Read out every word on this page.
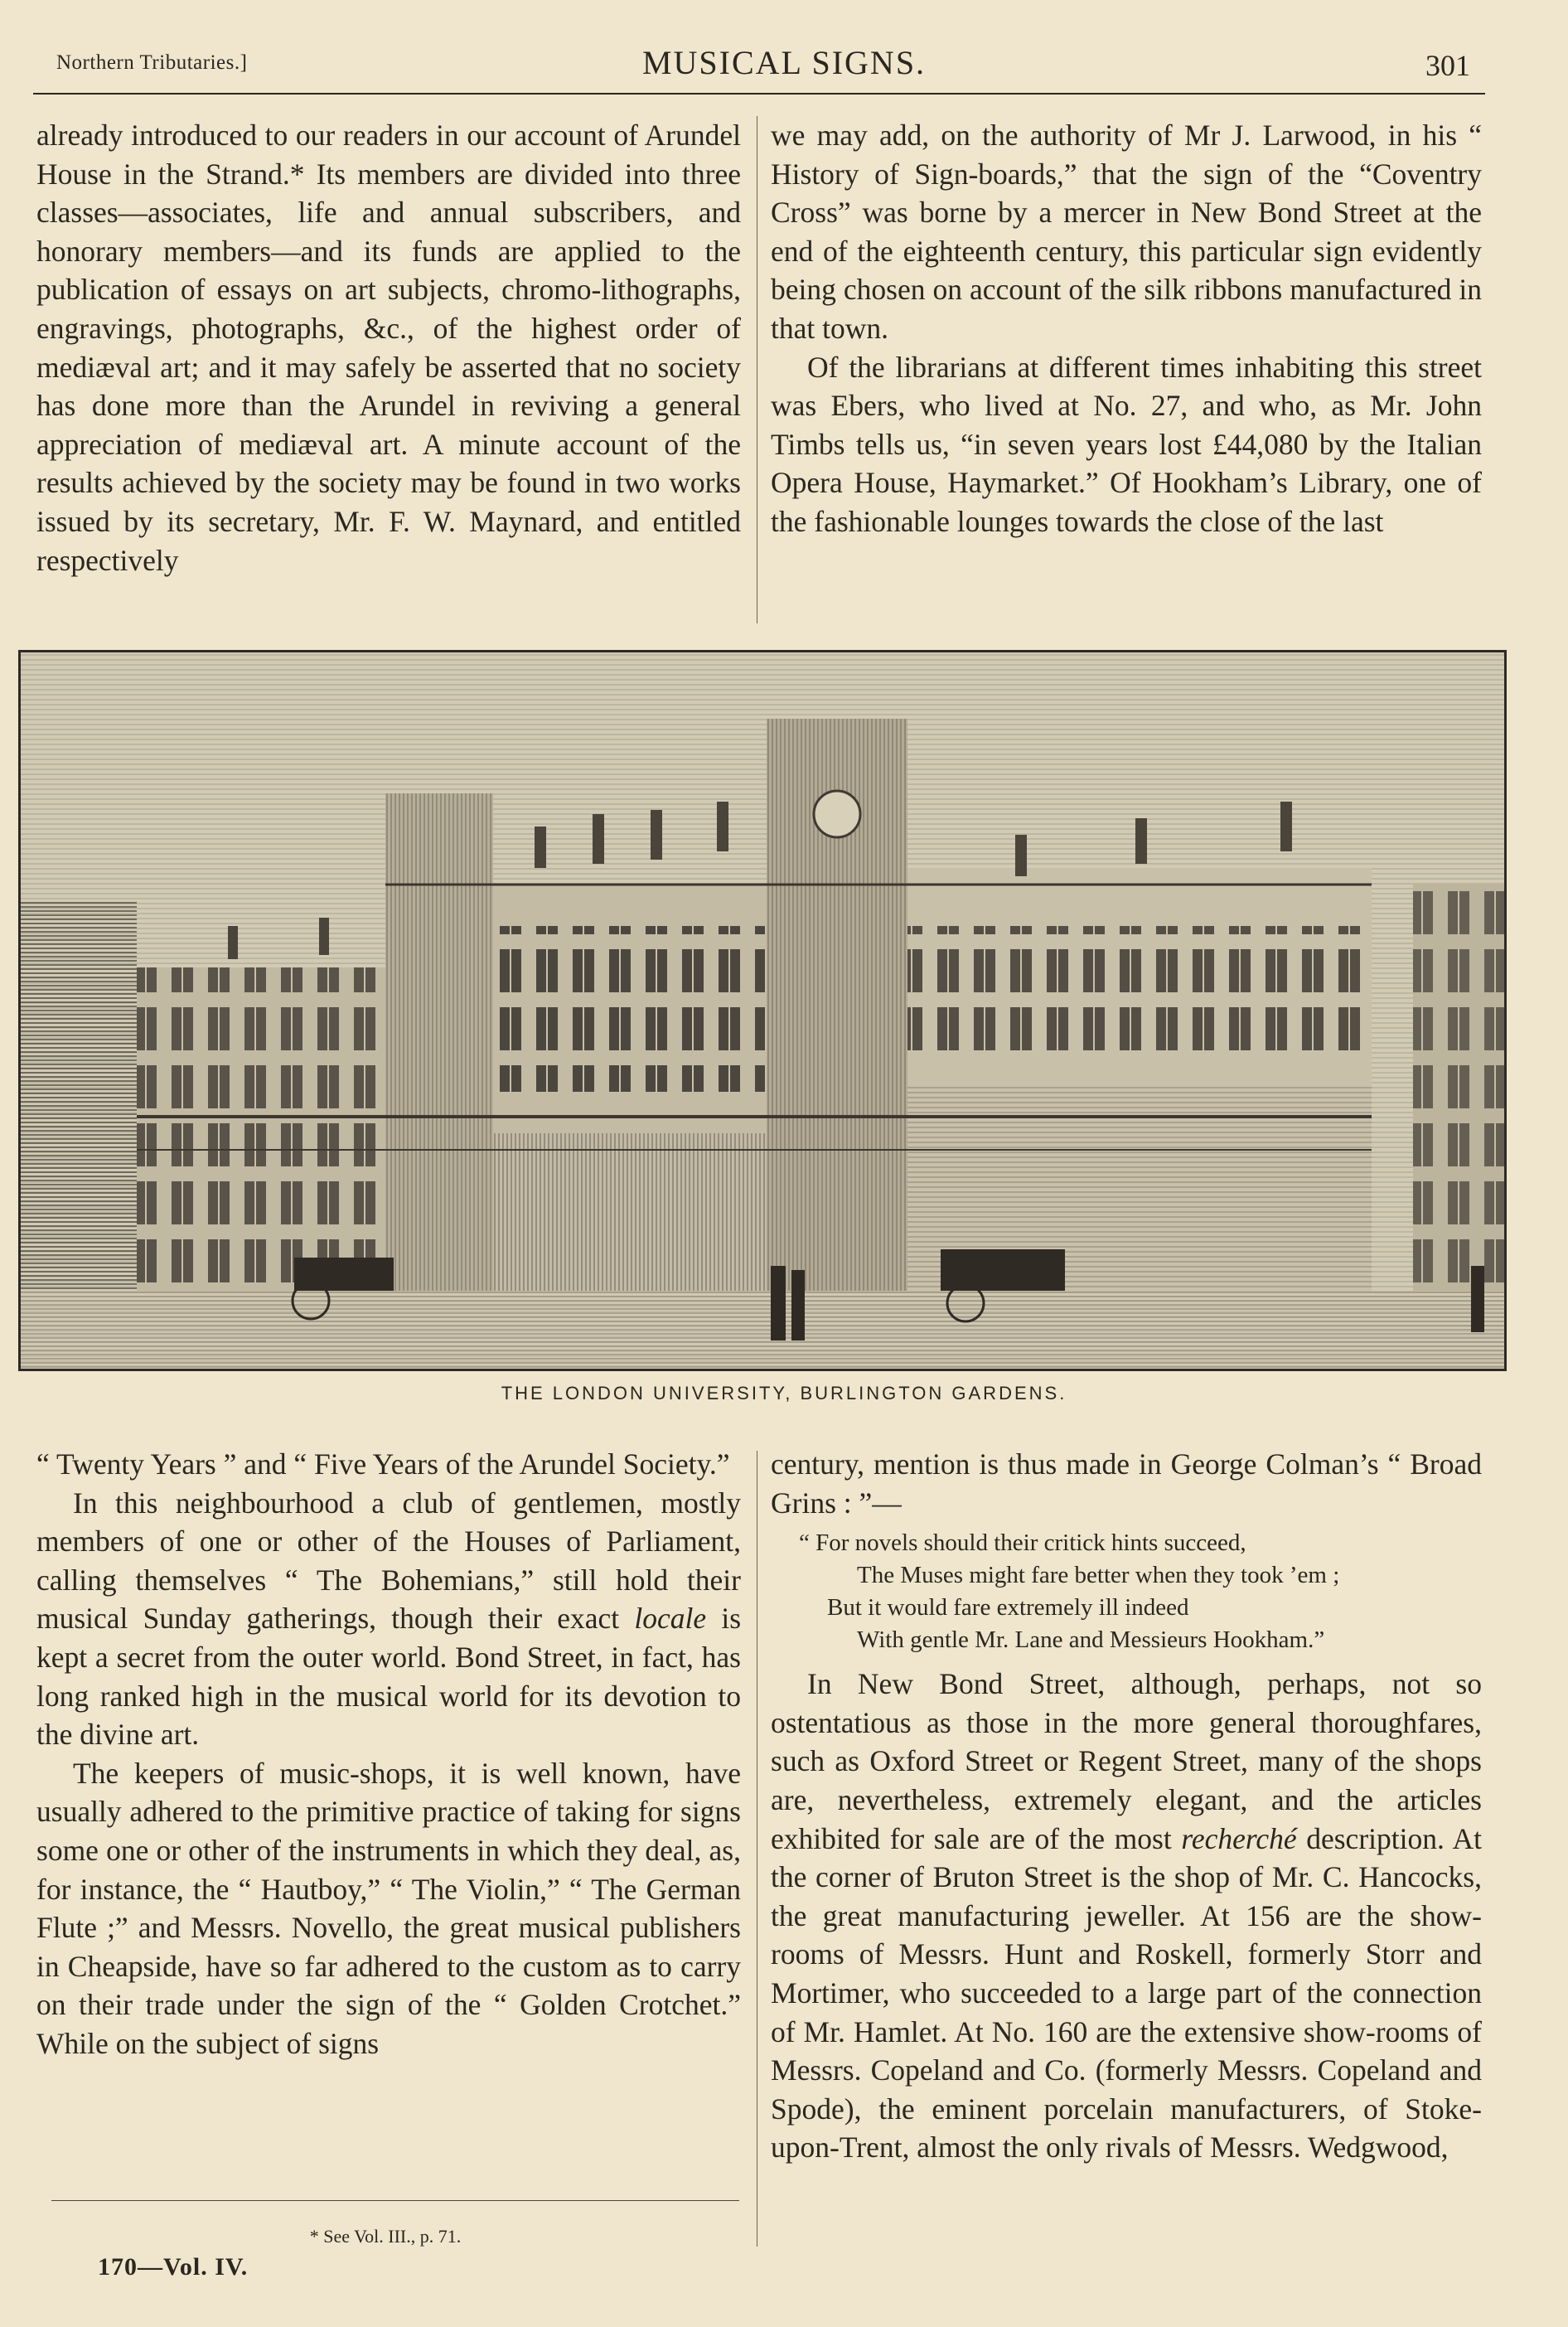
Northern Tributaries.]	MUSICAL SIGNS.	301

already introduced to our readers in our account of Arundel House in the Strand.* Its members are divided into three classes—associates, life and annual subscribers, and honorary members—and its funds are applied to the publication of essays on art subjects, chromo-lithographs, engravings, photographs, &c., of the highest order of mediæval art; and it may safely be asserted that no society has done more than the Arundel in reviving a general appreciation of mediæval art. A minute account of the results achieved by the society may be found in two works issued by its secretary, Mr. F. W. Maynard, and entitled respectively

we may add, on the authority of Mr J. Larwood, in his “ History of Sign-boards,” that the sign of the “Coventry Cross” was borne by a mercer in New Bond Street at the end of the eighteenth century, this particular sign evidently being chosen on account of the silk ribbons manufactured in that town.

Of the librarians at different times inhabiting this street was Ebers, who lived at No. 27, and who, as Mr. John Timbs tells us, “in seven years lost £44,080 by the Italian Opera House, Haymarket.” Of Hookham’s Library, one of the fashionable lounges towards the close of the last

THE LONDON UNIVERSITY, BURLINGTON GARDENS.

“ Twenty Years ” and “ Five Years of the Arundel Society.”

In this neighbourhood a club of gentlemen, mostly members of one or other of the Houses of Parliament, calling themselves “ The Bohemians,” still hold their musical Sunday gatherings, though their exact locale is kept a secret from the outer world. Bond Street, in fact, has long ranked high in the musical world for its devotion to the divine art.

The keepers of music-shops, it is well known, have usually adhered to the primitive practice of taking for signs some one or other of the instruments in which they deal, as, for instance, the “ Hautboy,” “ The Violin,” “ The German Flute ;” and Messrs. Novello, the great musical publishers in Cheapside, have so far adhered to the custom as to carry on their trade under the sign of the “ Golden Crotchet.” While on the subject of signs

century, mention is thus made in George Colman’s “ Broad Grins : ”—

“ For novels should their critick hints succeed,
The Muses might fare better when they took ’em ;
But it would fare extremely ill indeed
With gentle Mr. Lane and Messieurs Hookham.”

In New Bond Street, although, perhaps, not so ostentatious as those in the more general thoroughfares, such as Oxford Street or Regent Street, many of the shops are, nevertheless, extremely elegant, and the articles exhibited for sale are of the most recherché description. At the corner of Bruton Street is the shop of Mr. C. Hancocks, the great manufacturing jeweller. At 156 are the show-rooms of Messrs. Hunt and Roskell, formerly Storr and Mortimer, who succeeded to a large part of the connection of Mr. Hamlet. At No. 160 are the extensive show-rooms of Messrs. Copeland and Co. (formerly Messrs. Copeland and Spode), the eminent porcelain manufacturers, of Stoke-upon-Trent, almost the only rivals of Messrs. Wedgwood,

* See Vol. III., p. 71.
170—Vol. IV.
